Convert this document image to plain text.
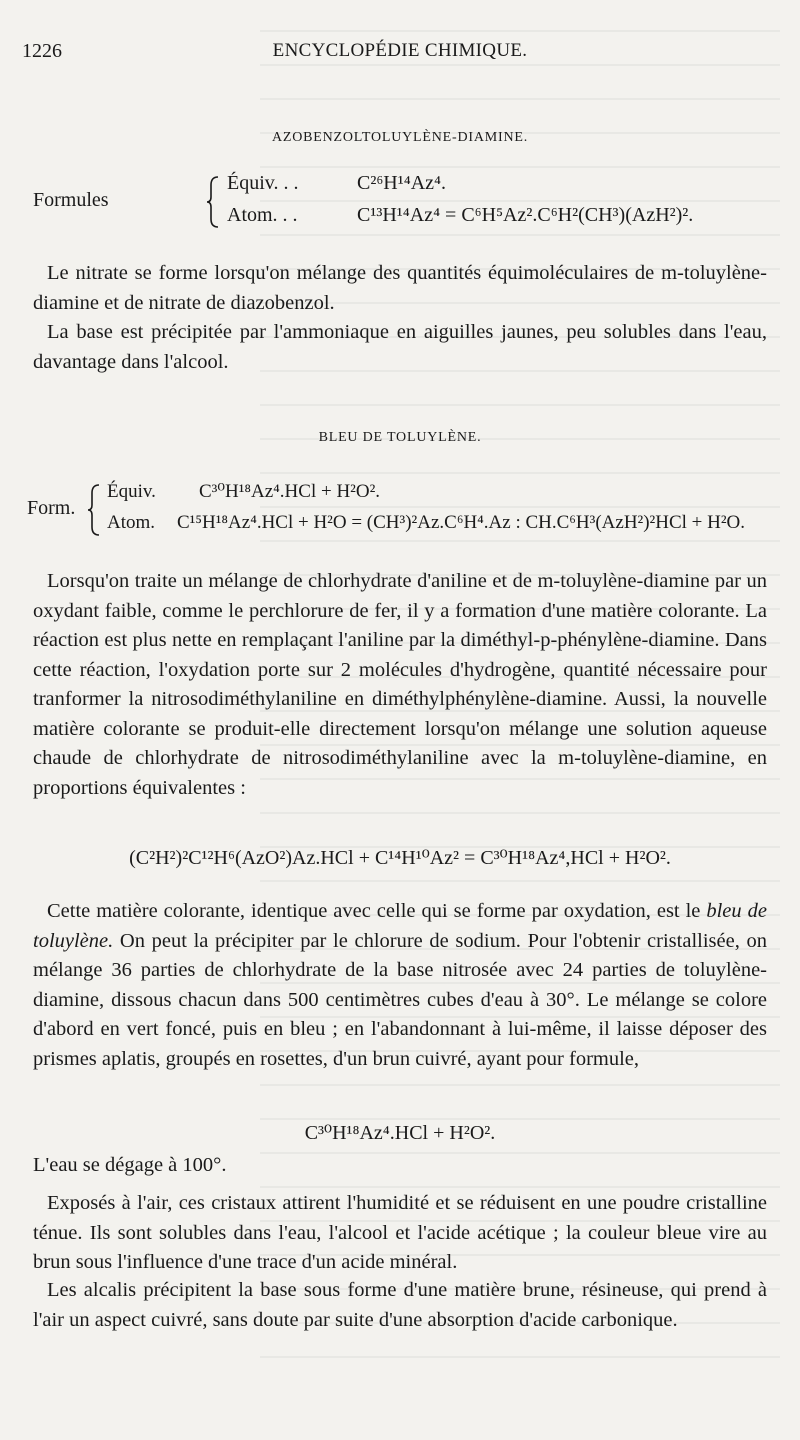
1226	ENCYCLOPÉDIE CHIMIQUE.
AZOBENZOLTOLUYLÈNE-DIAMINE.
Formules
Équiv. . .	C²⁶H¹⁴Az⁴.
Atom. . .	C¹³H¹⁴Az⁴ = C⁶H⁵Az².C⁶H²(CH³)(AzH²)².

Le nitrate se forme lorsqu'on mélange des quantités équimoléculaires de m-toluylène-diamine et de nitrate de diazobenzol.

La base est précipitée par l'ammoniaque en aiguilles jaunes, peu solubles dans l'eau, davantage dans l'alcool.

BLEU DE TOLUYLÈNE.
Form.
Équiv. C³⁰H¹⁸Az⁴.HCl + H²O².
Atom. C¹⁵H¹⁸Az⁴.HCl + H²O = (CH³)²Az.C⁶H⁴.Az : CH.C⁶H³(AzH²)²HCl + H²O.

Lorsqu'on traite un mélange de chlorhydrate d'aniline et de m-toluylène-diamine par un oxydant faible, comme le perchlorure de fer, il y a formation d'une matière colorante. La réaction est plus nette en remplaçant l'aniline par la diméthyl-p-phénylène-diamine. Dans cette réaction, l'oxydation porte sur 2 molécules d'hydrogène, quantité nécessaire pour tranformer la nitrosodiméthylaniline en diméthylphénylène-diamine. Aussi, la nouvelle matière colorante se produit-elle directement lorsqu'on mélange une solution aqueuse chaude de chlorhydrate de nitrosodiméthylaniline avec la m-toluylène-diamine, en proportions équivalentes :

(C²H²)²C¹²H⁶(AzO²)Az.HCl + C¹⁴H¹⁰Az² = C³⁰H¹⁸Az⁴,HCl + H²O².

Cette matière colorante, identique avec celle qui se forme par oxydation, est le bleu de toluylène. On peut la précipiter par le chlorure de sodium. Pour l'obtenir cristallisée, on mélange 36 parties de chlorhydrate de la base nitrosée avec 24 parties de toluylène-diamine, dissous chacun dans 500 centimètres cubes d'eau à 30°. Le mélange se colore d'abord en vert foncé, puis en bleu ; en l'abandonnant à lui-même, il laisse déposer des prismes aplatis, groupés en rosettes, d'un brun cuivré, ayant pour formule,

C³⁰H¹⁸Az⁴.HCl + H²O².

L'eau se dégage à 100°.

Exposés à l'air, ces cristaux attirent l'humidité et se réduisent en une poudre cristalline ténue. Ils sont solubles dans l'eau, l'alcool et l'acide acétique ; la couleur bleue vire au brun sous l'influence d'une trace d'un acide minéral.

Les alcalis précipitent la base sous forme d'une matière brune, résineuse, qui prend à l'air un aspect cuivré, sans doute par suite d'une absorption d'acide carbonique.
